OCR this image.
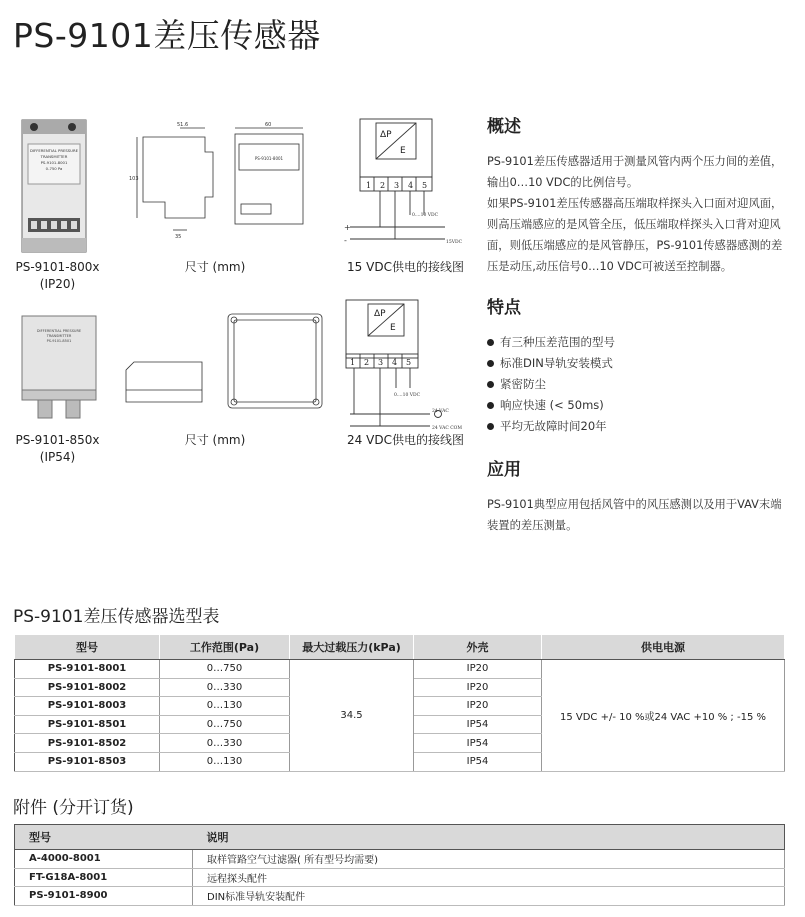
PS-9101差压传感器
DIFFERENTIAL PRESSURE
TRANSMITTER
PS-9101-8001
0-750 Pa
PS-9101-800x
(IP20)
103
51.6
35
60
PS-9101-8001
尺寸 (mm)
ΔP
E
1 2 3 4 5
0....10 VDC
15VDC
+
-
15 VDC供电的接线图
DIFFERENTIAL PRESSURE
TRANSMITTER
PS-9101-8501
PS-9101-850x
(IP54)
尺寸 (mm)
ΔP
E
1 2 3 4 5
0....10 VDC
24 VAC
24 VAC COM
24 VDC供电的接线图
概述
PS-9101差压传感器适用于测量风管内两个压力间的差值，输出0…10 VDC的比例信号。
如果PS-9101差压传感器高压端取样探头入口面对迎风面，则高压端感应的是风管全压，低压端取样探头入口背对迎风面，则低压端感应的是风管静压，PS-9101传感器感测的差压是动压,动压信号0…10 VDC可被送至控制器。
特点
有三种压差范围的型号
标准DIN导轨安装模式
紧密防尘
响应快速 (< 50ms)
平均无故障时间20年
应用
PS-9101典型应用包括风管中的风压感测以及用于VAV末端装置的差压测量。
PS-9101差压传感器选型表
型号	工作范围(Pa)	最大过载压力(kPa)	外壳	供电电源
PS-9101-8001	0…750	34.5	IP20	15 VDC +/- 10 %或24 VAC +10 % ; -15 %
PS-9101-8002	0…330		IP20	
PS-9101-8003	0…130		IP20	
PS-9101-8501	0…750		IP54	
PS-9101-8502	0…330		IP54	
PS-9101-8503	0…130		IP54	
附件 (分开订货)
型号	说明
A-4000-8001	取样管路空气过滤器( 所有型号均需要)
FT-G18A-8001	远程探头配件
PS-9101-8900	DIN标准导轨安装配件
